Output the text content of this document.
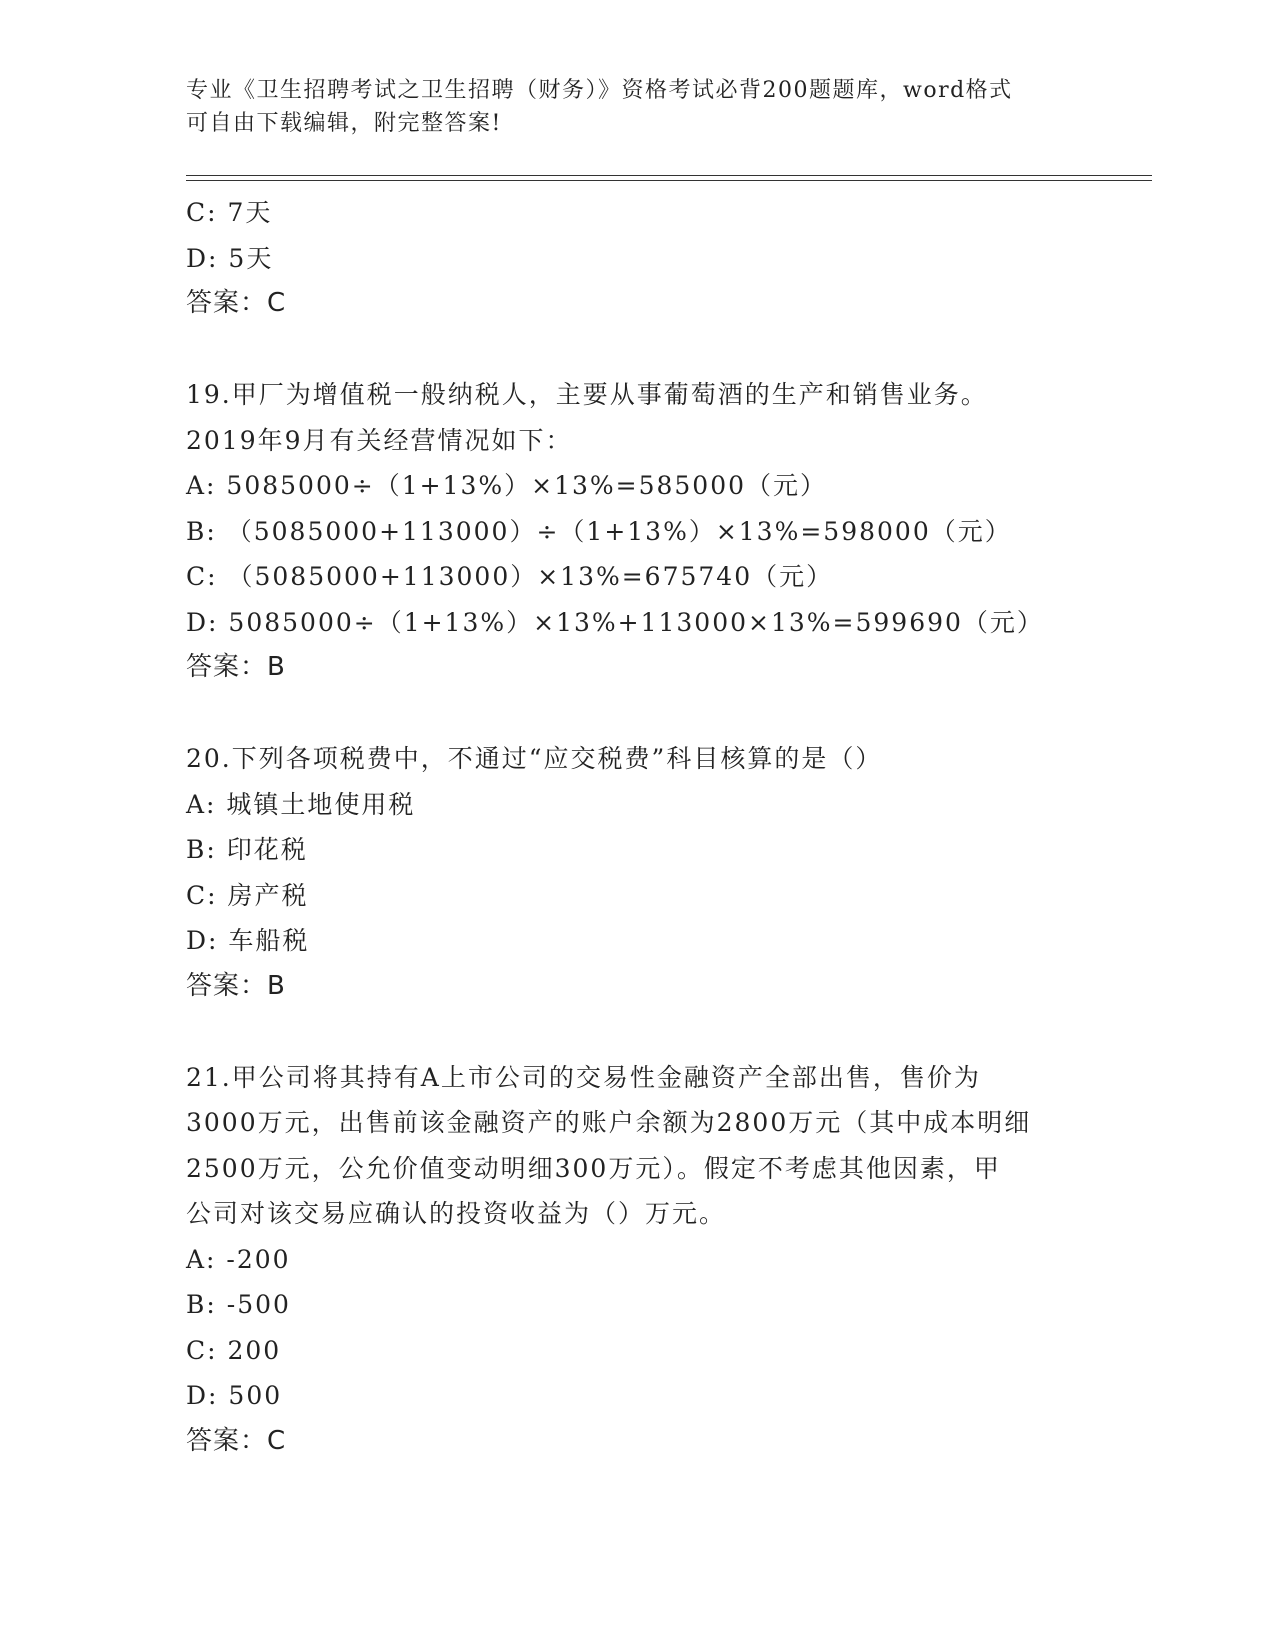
专业《卫生招聘考试之卫生招聘（财务）》资格考试必背200题题库，word格式
可自由下载编辑，附完整答案!
C: 7天
D: 5天
答案：C
19.甲厂为增值税一般纳税人，主要从事葡萄酒的生产和销售业务。
2019年9月有关经营情况如下：
A: 5085000÷（1+13%）×13%=585000（元）
B: （5085000+113000）÷（1+13%）×13%=598000（元）
C: （5085000+113000）×13%=675740（元）
D: 5085000÷（1+13%）×13%+113000×13%=599690（元）
答案：B
20.下列各项税费中，不通过“应交税费”科目核算的是（）
A: 城镇土地使用税
B: 印花税
C: 房产税
D: 车船税
答案：B
21.甲公司将其持有A上市公司的交易性金融资产全部出售，售价为
3000万元，出售前该金融资产的账户余额为2800万元（其中成本明细
2500万元，公允价值变动明细300万元）。假定不考虑其他因素，甲
公司对该交易应确认的投资收益为（）万元。
A: -200
B: -500
C: 200
D: 500
答案：C
